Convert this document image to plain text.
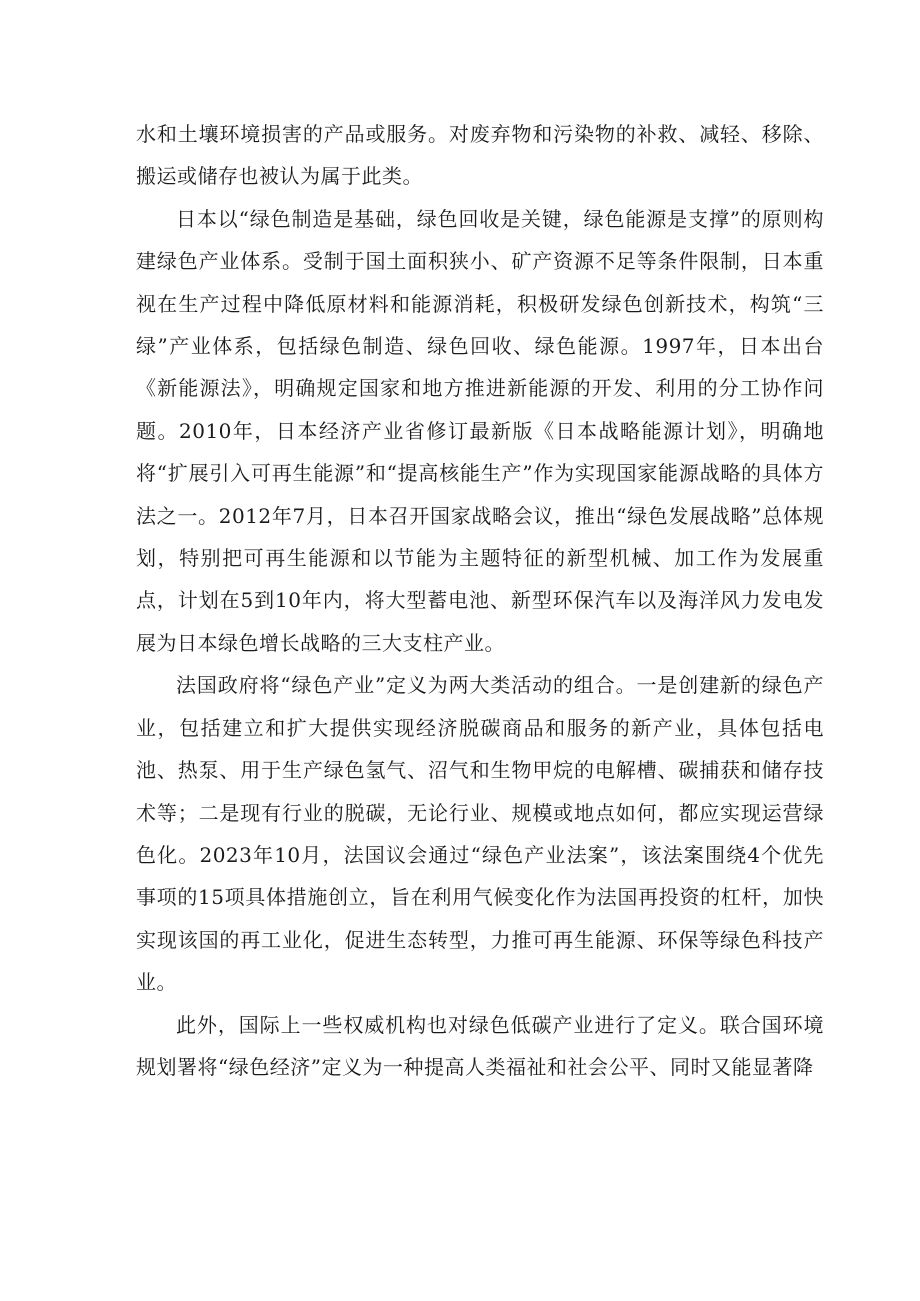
水和土壤环境损害的产品或服务。对废弃物和污染物的补救、减轻、移除、搬运或储存也被认为属于此类。

日本以“绿色制造是基础，绿色回收是关键，绿色能源是支撑”的原则构建绿色产业体系。受制于国土面积狭小、矿产资源不足等条件限制，日本重视在生产过程中降低原材料和能源消耗，积极研发绿色创新技术，构筑“三绿”产业体系，包括绿色制造、绿色回收、绿色能源。1997年，日本出台《新能源法》，明确规定国家和地方推进新能源的开发、利用的分工协作问题。2010年，日本经济产业省修订最新版《日本战略能源计划》，明确地将“扩展引入可再生能源”和“提高核能生产”作为实现国家能源战略的具体方法之一。2012年7月，日本召开国家战略会议，推出“绿色发展战略”总体规划，特别把可再生能源和以节能为主题特征的新型机械、加工作为发展重点，计划在5到10年内，将大型蓄电池、新型环保汽车以及海洋风力发电发展为日本绿色增长战略的三大支柱产业。

法国政府将“绿色产业”定义为两大类活动的组合。一是创建新的绿色产业，包括建立和扩大提供实现经济脱碳商品和服务的新产业，具体包括电池、热泵、用于生产绿色氢气、沼气和生物甲烷的电解槽、碳捕获和储存技术等；二是现有行业的脱碳，无论行业、规模或地点如何，都应实现运营绿色化。2023年10月，法国议会通过“绿色产业法案”，该法案围绕4个优先事项的15项具体措施创立，旨在利用气候变化作为法国再投资的杠杆，加快实现该国的再工业化，促进生态转型，力推可再生能源、环保等绿色科技产业。

此外，国际上一些权威机构也对绿色低碳产业进行了定义。联合国环境规划署将“绿色经济”定义为一种提高人类福祉和社会公平、同时又能显著降
